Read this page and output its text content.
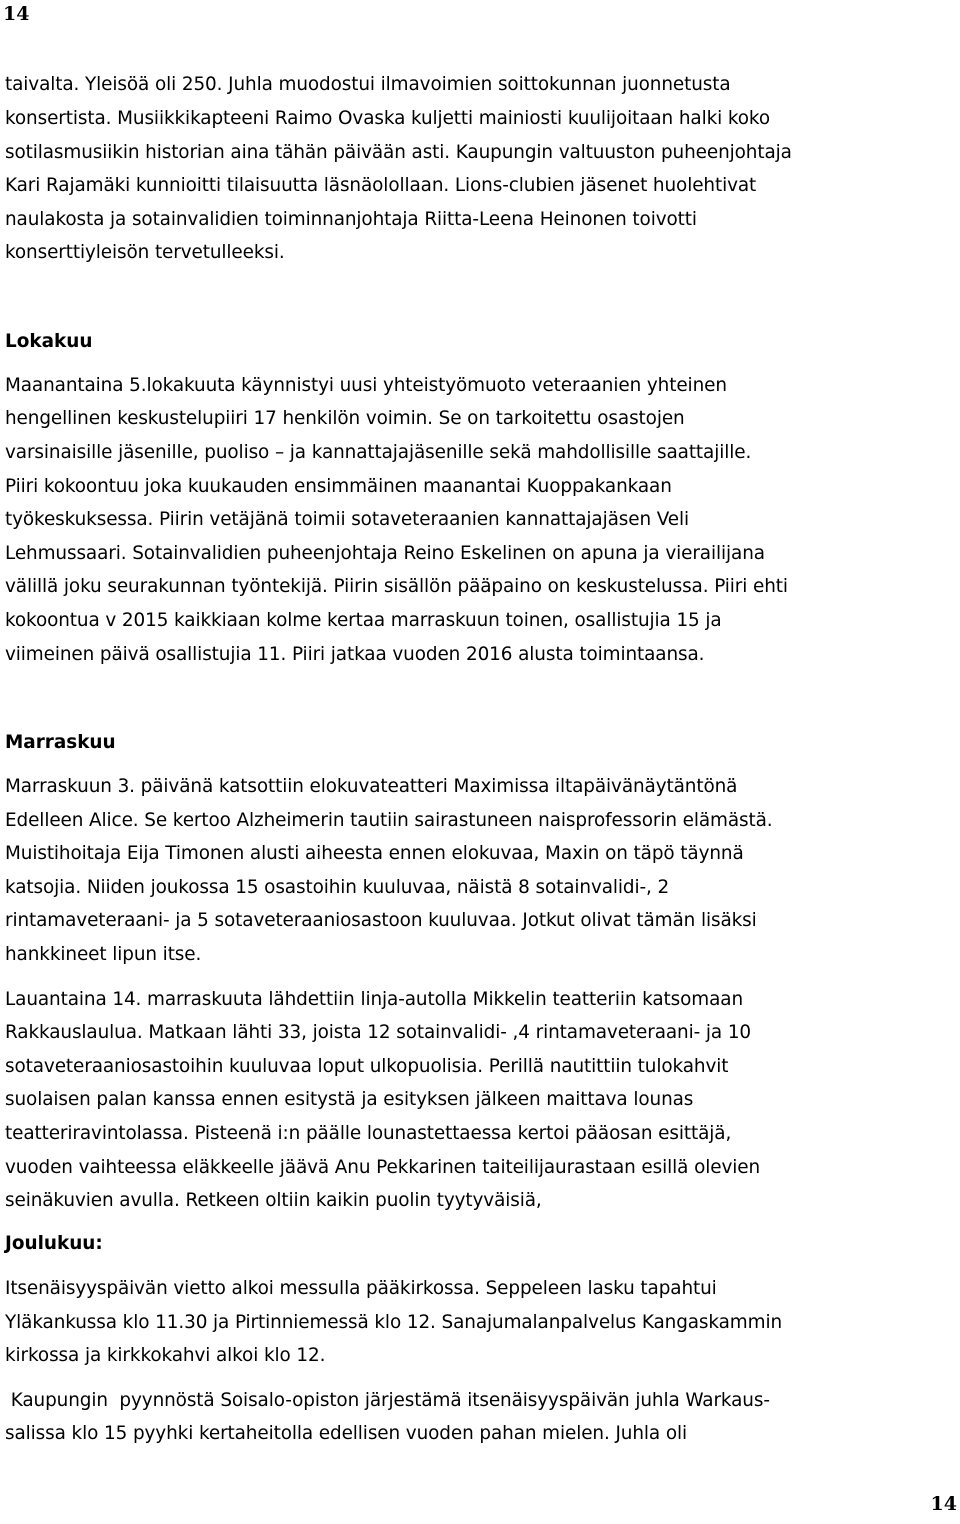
14
taivalta. Yleisöä oli 250. Juhla muodostui ilmavoimien soittokunnan juonnetusta
konsertista. Musiikkikapteeni Raimo Ovaska kuljetti mainiosti kuulijoitaan halki koko
sotilasmusiikin historian aina tähän päivään asti. Kaupungin valtuuston puheenjohtaja
Kari Rajamäki kunnioitti tilaisuutta läsnäolollaan. Lions-clubien jäsenet huolehtivat
naulakosta ja sotainvalidien toiminnanjohtaja Riitta-Leena Heinonen toivotti
konserttiyleisön tervetulleeksi.
Lokakuu
Maanantaina 5.lokakuuta käynnistyi uusi yhteistyömuoto veteraanien yhteinen
hengellinen keskustelupiiri 17 henkilön voimin. Se on tarkoitettu osastojen
varsinaisille jäsenille, puoliso – ja kannattajajäsenille sekä mahdollisille saattajille.
Piiri kokoontuu joka kuukauden ensimmäinen maanantai Kuoppakankaan
työkeskuksessa. Piirin vetäjänä toimii sotaveteraanien kannattajajäsen Veli
Lehmussaari. Sotainvalidien puheenjohtaja Reino Eskelinen on apuna ja vierailijana
välillä joku seurakunnan työntekijä. Piirin sisällön pääpaino on keskustelussa. Piiri ehti
kokoontua v 2015 kaikkiaan kolme kertaa marraskuun toinen, osallistujia 15 ja
viimeinen päivä osallistujia 11. Piiri jatkaa vuoden 2016 alusta toimintaansa.
Marraskuu
Marraskuun 3. päivänä katsottiin elokuvateatteri Maximissa iltapäivänäytäntönä
Edelleen Alice. Se kertoo Alzheimerin tautiin sairastuneen naisprofessorin elämästä.
Muistihoitaja Eija Timonen alusti aiheesta ennen elokuvaa, Maxin on täpö täynnä
katsojia. Niiden joukossa 15 osastoihin kuuluvaa, näistä 8 sotainvalidi-, 2
rintamaveteraani- ja 5 sotaveteraaniosastoon kuuluvaa. Jotkut olivat tämän lisäksi
hankkineet lipun itse.
Lauantaina 14. marraskuuta lähdettiin linja-autolla Mikkelin teatteriin katsomaan
Rakkauslaulua. Matkaan lähti 33, joista 12 sotainvalidi- ,4 rintamaveteraani- ja 10
sotaveteraaniosastoihin kuuluvaa loput ulkopuolisia. Perillä nautittiin tulokahvit
suolaisen palan kanssa ennen esitystä ja esityksen jälkeen maittava lounas
teatteriravintolassa. Pisteenä i:n päälle lounastettaessa kertoi pääosan esittäjä,
vuoden vaihteessa eläkkeelle jäävä Anu Pekkarinen taiteilijaurastaan esillä olevien
seinäkuvien avulla. Retkeen oltiin kaikin puolin tyytyväisiä,
Joulukuu:
Itsenäisyyspäivän vietto alkoi messulla pääkirkossa. Seppeleen lasku tapahtui
Yläkankussa klo 11.30 ja Pirtinniemessä klo 12. Sanajumalanpalvelus Kangaskammin
kirkossa ja kirkkokahvi alkoi klo 12.
Kaupungin  pyynnöstä Soisalo-opiston järjestämä itsenäisyyspäivän juhla Warkaus-
salissa klo 15 pyyhki kertaheitolla edellisen vuoden pahan mielen. Juhla oli
14
